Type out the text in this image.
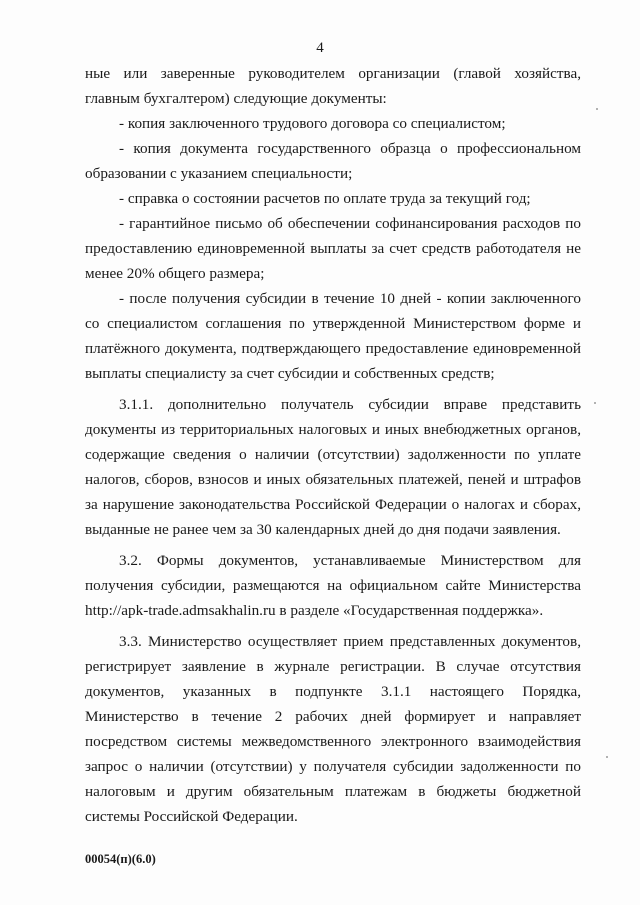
4

ные или заверенные руководителем организации (главой хозяйства, главным бухгалтером) следующие документы:

- копия заключенного трудового договора со специалистом;

- копия документа государственного образца о профессиональном образовании с указанием специальности;

- справка о состоянии расчетов по оплате труда за текущий год;

- гарантийное письмо об обеспечении софинансирования расходов по предоставлению единовременной выплаты за счет средств работодателя не менее 20% общего размера;

- после получения субсидии в течение 10 дней - копии заключенного со специалистом соглашения по утвержденной Министерством форме и платёжного документа, подтверждающего предоставление единовременной выплаты специалисту за счет субсидии и собственных средств;

3.1.1. дополнительно получатель субсидии вправе представить документы из территориальных налоговых и иных внебюджетных органов, содержащие сведения о наличии (отсутствии) задолженности по уплате налогов, сборов, взносов и иных обязательных платежей, пеней и штрафов за нарушение законодательства Российской Федерации о налогах и сборах, выданные не ранее чем за 30 календарных дней до дня подачи заявления.

3.2. Формы документов, устанавливаемые Министерством для получения субсидии, размещаются на официальном сайте Министерства http://apk-trade.admsakhalin.ru в разделе «Государственная поддержка».

3.3. Министерство осуществляет прием представленных документов, регистрирует заявление в журнале регистрации. В случае отсутствия документов, указанных в подпункте 3.1.1 настоящего Порядка, Министерство в течение 2 рабочих дней формирует и направляет посредством системы межведомственного электронного взаимодействия запрос о наличии (отсутствии) у получателя субсидии задолженности по налоговым и другим обязательным платежам в бюджеты бюджетной системы Российской Федерации.

00054(п)(6.0)
